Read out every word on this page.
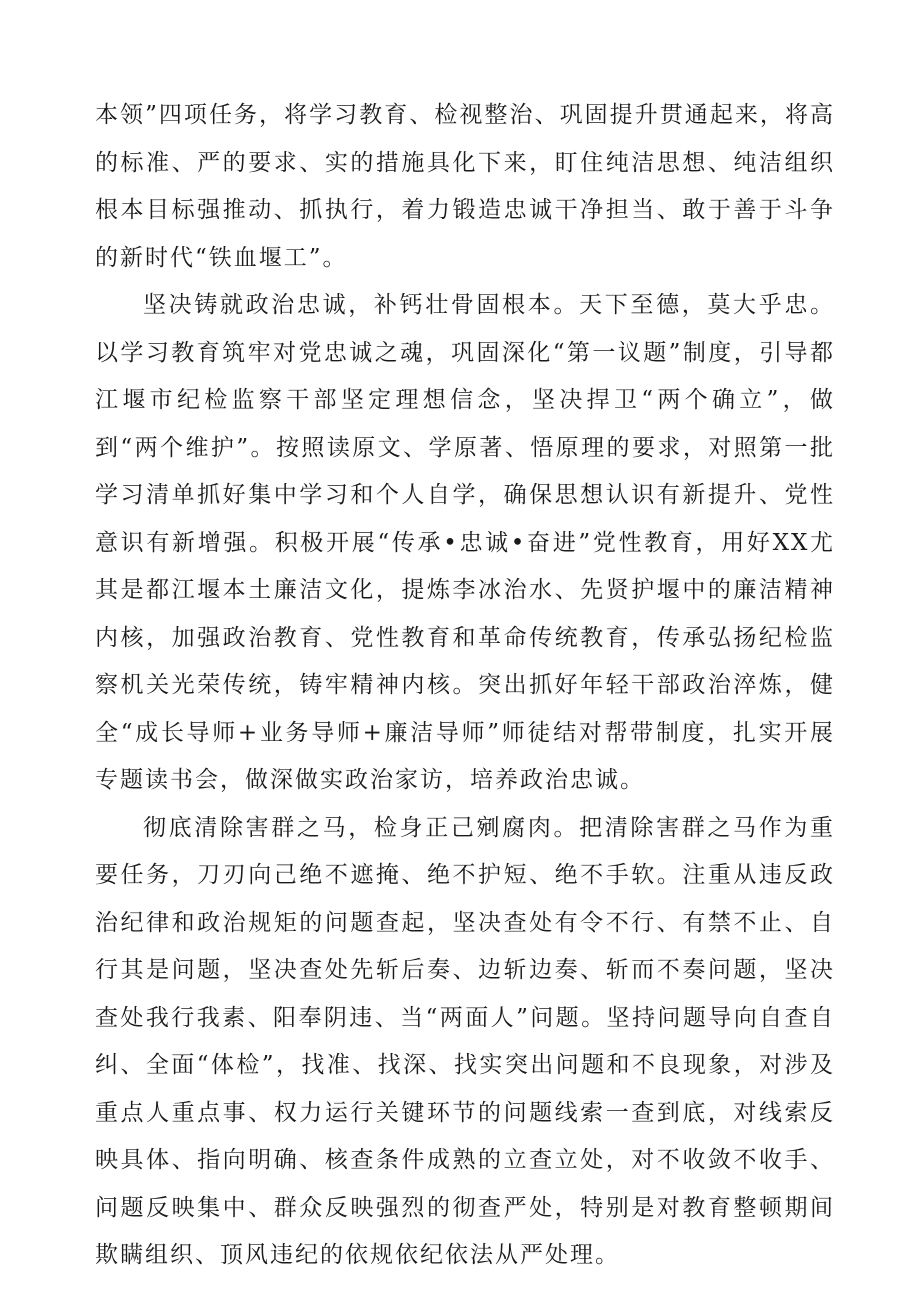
本领”四项任务，将学习教育、检视整治、巩固提升贯通起来，将高的标准、严的要求、实的措施具化下来，盯住纯洁思想、纯洁组织根本目标强推动、抓执行，着力锻造忠诚干净担当、敢于善于斗争的新时代“铁血堰工”。

坚决铸就政治忠诚，补钙壮骨固根本。天下至德，莫大乎忠。以学习教育筑牢对党忠诚之魂，巩固深化“第一议题”制度，引导都江堰市纪检监察干部坚定理想信念，坚决捍卫“两个确立”，做到“两个维护”。按照读原文、学原著、悟原理的要求，对照第一批学习清单抓好集中学习和个人自学，确保思想认识有新提升、党性意识有新增强。积极开展“传承•忠诚•奋进”党性教育，用好XX尤其是都江堰本土廉洁文化，提炼李冰治水、先贤护堰中的廉洁精神内核，加强政治教育、党性教育和革命传统教育，传承弘扬纪检监察机关光荣传统，铸牢精神内核。突出抓好年轻干部政治淬炼，健全“成长导师+业务导师+廉洁导师”师徒结对帮带制度，扎实开展专题读书会，做深做实政治家访，培养政治忠诚。

彻底清除害群之马，检身正己剜腐肉。把清除害群之马作为重要任务，刀刃向己绝不遮掩、绝不护短、绝不手软。注重从违反政治纪律和政治规矩的问题查起，坚决查处有令不行、有禁不止、自行其是问题，坚决查处先斩后奏、边斩边奏、斩而不奏问题，坚决查处我行我素、阳奉阴违、当“两面人”问题。坚持问题导向自查自纠、全面“体检”，找准、找深、找实突出问题和不良现象，对涉及重点人重点事、权力运行关键环节的问题线索一查到底，对线索反映具体、指向明确、核查条件成熟的立查立处，对不收敛不收手、问题反映集中、群众反映强烈的彻查严处，特别是对教育整顿期间欺瞒组织、顶风违纪的依规依纪依法从严处理。
